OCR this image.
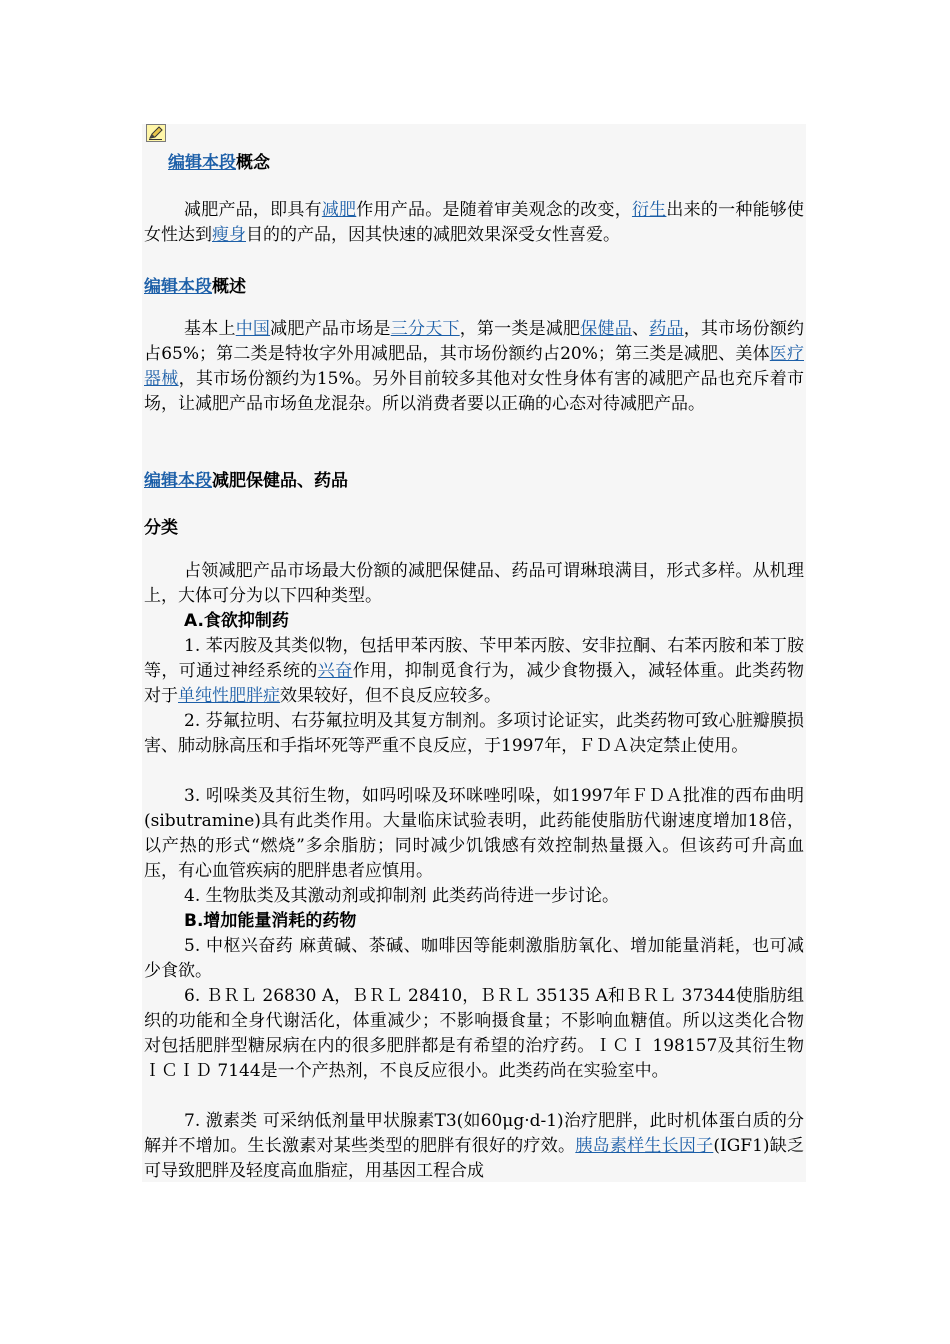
编辑本段概念

减肥产品，即具有减肥作用产品。是随着审美观念的改变，衍生出来的一种能够使女性达到瘦身目的的产品，因其快速的减肥效果深受女性喜爱。

编辑本段概述

基本上中国减肥产品市场是三分天下，第一类是减肥保健品、药品，其市场份额约占65%；第二类是特妆字外用减肥品，其市场份额约占20%；第三类是减肥、美体医疗器械，其市场份额约为15%。另外目前较多其他对女性身体有害的减肥产品也充斥着市场，让减肥产品市场鱼龙混杂。所以消费者要以正确的心态对待减肥产品。

编辑本段减肥保健品、药品
分类

占领减肥产品市场最大份额的减肥保健品、药品可谓琳琅满目，形式多样。从机理上，大体可分为以下四种类型。

A.食欲抑制药

1. 苯丙胺及其类似物，包括甲苯丙胺、苄甲苯丙胺、安非拉酮、右苯丙胺和苯丁胺等，可通过神经系统的兴奋作用，抑制觅食行为，减少食物摄入，减轻体重。此类药物对于单纯性肥胖症效果较好，但不良反应较多。

2. 芬氟拉明、右芬氟拉明及其复方制剂。多项讨论证实，此类药物可致心脏瓣膜损害、肺动脉高压和手指坏死等严重不良反应，于1997年，ＦＤＡ决定禁止使用。

3. 吲哚类及其衍生物，如吗吲哚及环咪唑吲哚，如1997年ＦＤＡ批准的西布曲明(sibutramine)具有此类作用。大量临床试验表明，此药能使脂肪代谢速度增加18倍，以产热的形式“燃烧”多余脂肪；同时减少饥饿感有效控制热量摄入。但该药可升高血压，有心血管疾病的肥胖患者应慎用。

4. 生物肽类及其激动剂或抑制剂 此类药尚待进一步讨论。

B.增加能量消耗的药物

5. 中枢兴奋药 麻黄碱、茶碱、咖啡因等能刺激脂肪氧化、增加能量消耗，也可减少食欲。

6. ＢＲＬ 26830 A，ＢＲＬ 28410，ＢＲＬ 35135 A和ＢＲＬ 37344使脂肪组织的功能和全身代谢活化，体重减少；不影响摄食量；不影响血糖值。所以这类化合物对包括肥胖型糖尿病在内的很多肥胖都是有希望的治疗药。ＩＣＩ 198157及其衍生物ＩＣＩＤ 7144是一个产热剂，不良反应很小。此类药尚在实验室中。

7. 激素类 可采纳低剂量甲状腺素T3(如60μg·d-1)治疗肥胖，此时机体蛋白质的分解并不增加。生长激素对某些类型的肥胖有很好的疗效。胰岛素样生长因子(IGF1)缺乏可导致肥胖及轻度高血脂症，用基因工程合成
